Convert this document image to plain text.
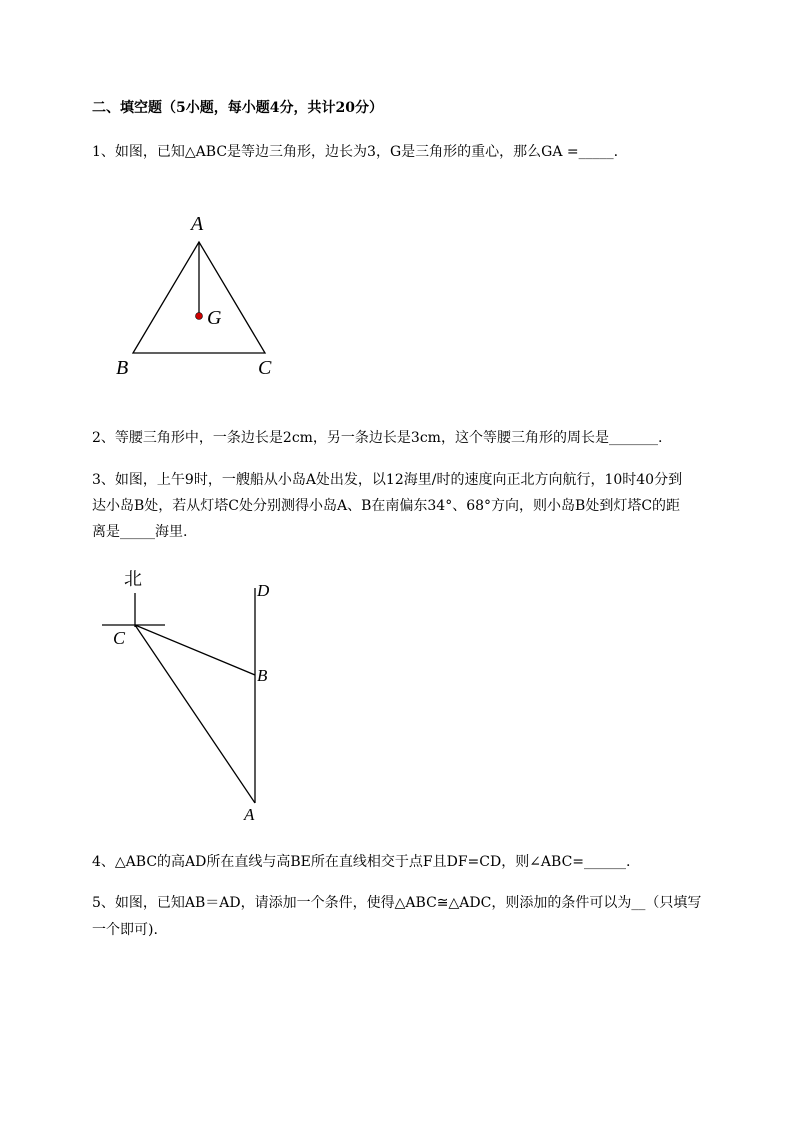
二、填空题（5小题，每小题4分，共计20分）
1、如图，已知△ABC是等边三角形，边长为3，G是三角形的重心，那么GA =_____.
A
G
B	C
2、等腰三角形中，一条边长是2cm，另一条边长是3cm，这个等腰三角形的周长是_______.
3、如图，上午9时，一艘船从小岛A处出发，以12海里/时的速度向正北方向航行，10时40分到
达小岛B处，若从灯塔C处分别测得小岛A、B在南偏东34°、68°方向，则小岛B处到灯塔C的距
离是_____海里.
北
C
D
B
A
4、△ABC的高AD所在直线与高BE所在直线相交于点F且DF=CD，则∠ABC=______.
5、如图，已知AB＝AD，请添加一个条件，使得△ABC≅△ADC，则添加的条件可以为__（只填写
一个即可).
